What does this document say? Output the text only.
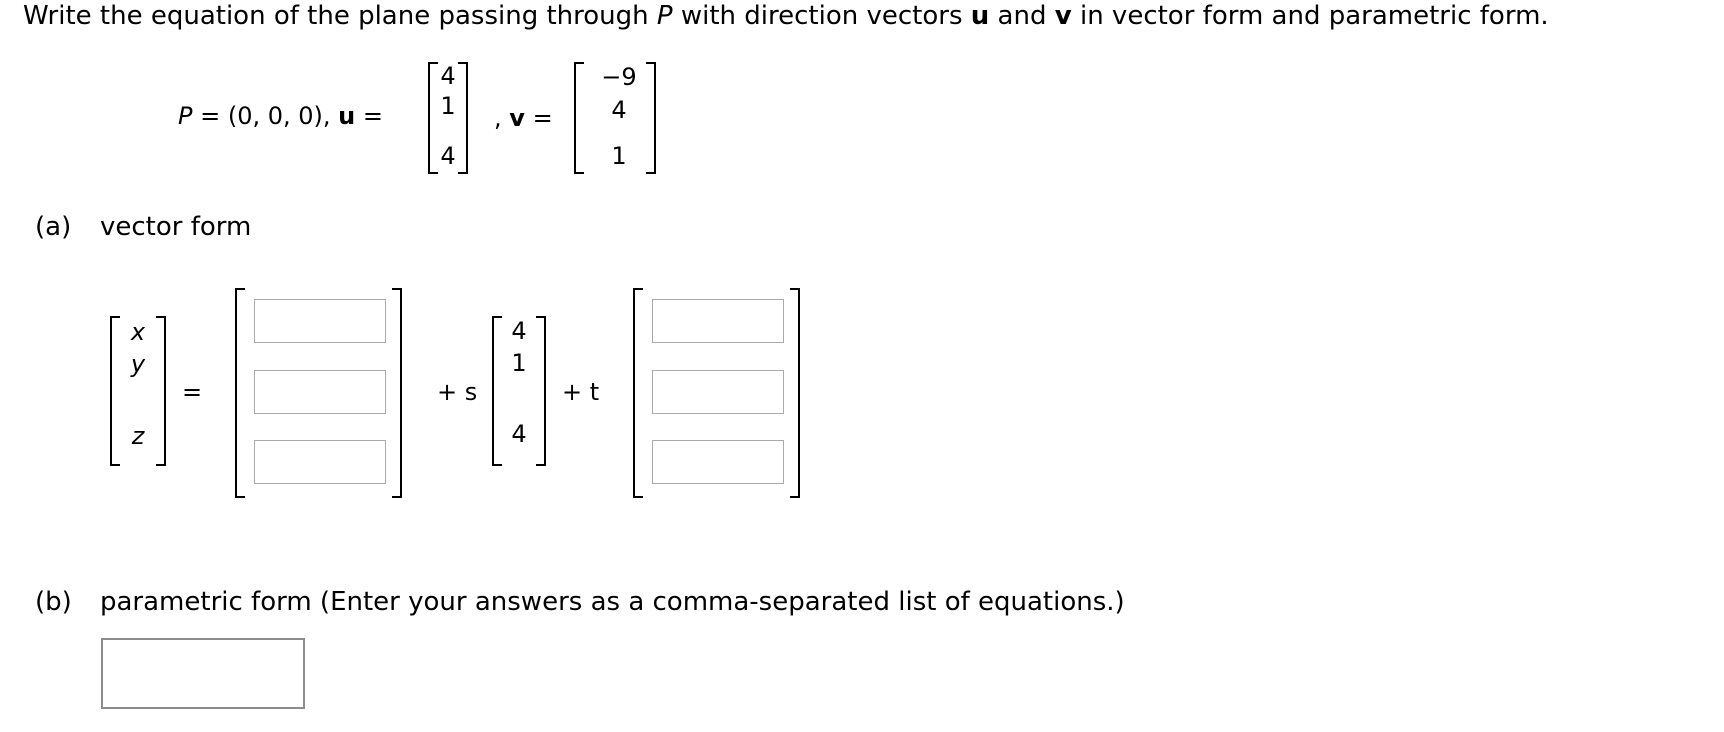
Write the equation of the plane passing through P with direction vectors u and v in vector form and parametric form.
P = (0, 0, 0), u =
4
1
4
, v =
−9
4
1
(a) vector form
x
y
z
=	+ s
4
1
4
+ t
(b) parametric form (Enter your answers as a comma-separated list of equations.)
